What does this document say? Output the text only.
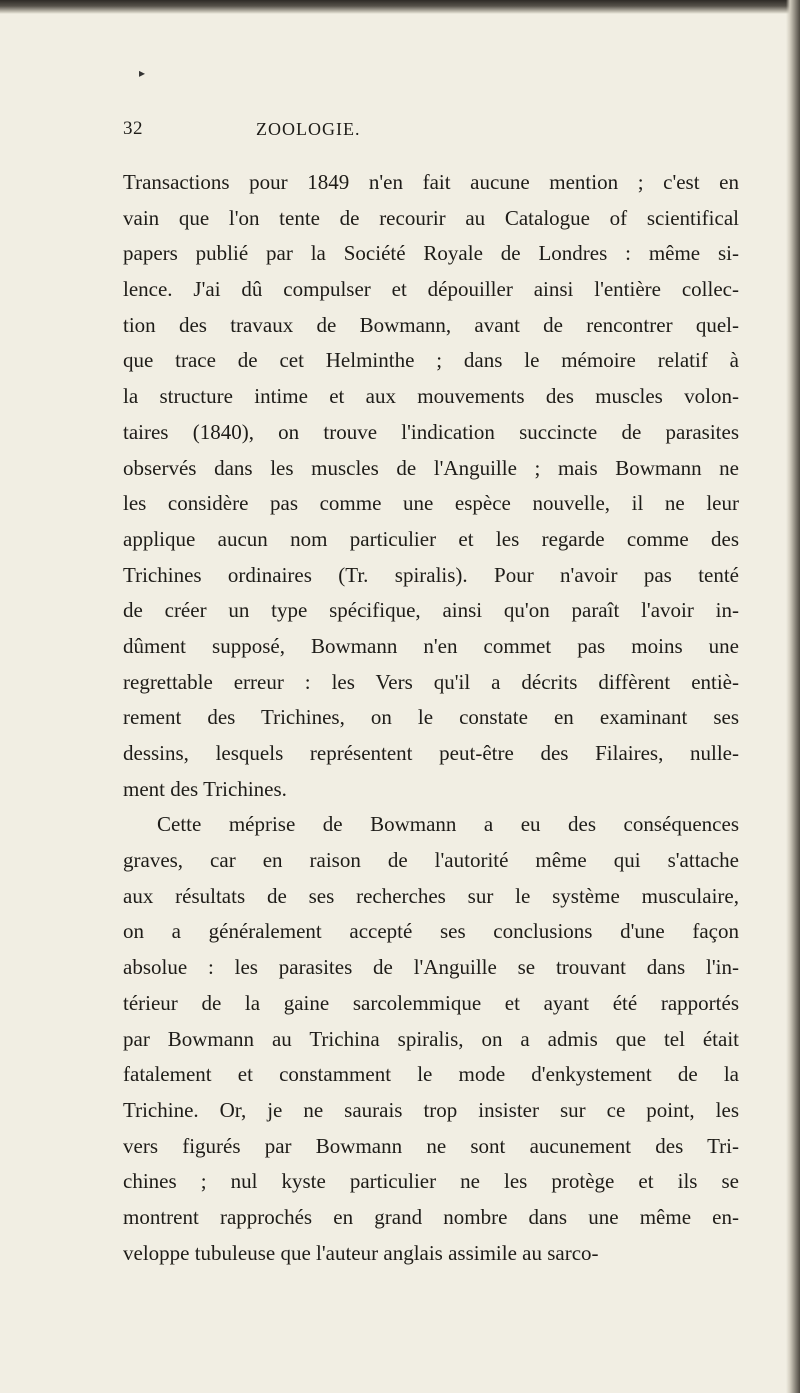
▸
32	ZOOLOGIE.
Transactions pour 1849 n'en fait aucune mention ; c'est en
vain que l'on tente de recourir au Catalogue of scientifical
papers publié par la Société Royale de Londres : même si-
lence. J'ai dû compulser et dépouiller ainsi l'entière collec-
tion des travaux de Bowmann, avant de rencontrer quel-
que trace de cet Helminthe ; dans le mémoire relatif à
la structure intime et aux mouvements des muscles volon-
taires (1840), on trouve l'indication succincte de parasites
observés dans les muscles de l'Anguille ; mais Bowmann ne
les considère pas comme une espèce nouvelle, il ne leur
applique aucun nom particulier et les regarde comme des
Trichines ordinaires (Tr. spiralis). Pour n'avoir pas tenté
de créer un type spécifique, ainsi qu'on paraît l'avoir in-
dûment supposé, Bowmann n'en commet pas moins une
regrettable erreur : les Vers qu'il a décrits diffèrent entiè-
rement des Trichines, on le constate en examinant ses
dessins, lesquels représentent peut-être des Filaires, nulle-
ment des Trichines.
Cette méprise de Bowmann a eu des conséquences
graves, car en raison de l'autorité même qui s'attache
aux résultats de ses recherches sur le système musculaire,
on a généralement accepté ses conclusions d'une façon
absolue : les parasites de l'Anguille se trouvant dans l'in-
térieur de la gaine sarcolemmique et ayant été rapportés
par Bowmann au Trichina spiralis, on a admis que tel était
fatalement et constamment le mode d'enkystement de la
Trichine. Or, je ne saurais trop insister sur ce point, les
vers figurés par Bowmann ne sont aucunement des Tri-
chines ; nul kyste particulier ne les protège et ils se
montrent rapprochés en grand nombre dans une même en-
veloppe tubuleuse que l'auteur anglais assimile au sarco-
